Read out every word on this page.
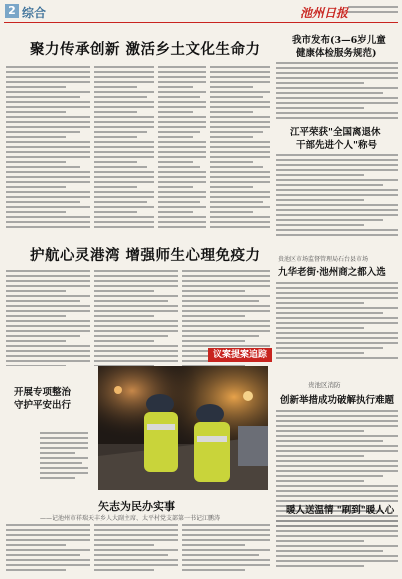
2 综合	池州日报
聚力传承创新 激活乡土文化生命力
我市发布(3—6岁儿童
健康体检服务规范)
江平荣获"全国离退休
干部先进个人"称号
护航心灵港湾 增强师生心理免疫力	贵池区市场监督管理局石台县市场
九华老街·池州商之都入选
议案提案追踪
开展专项整治
守护平安出行
贵池区消防
创新举措成功破解执行难题
暖人送温情 "刷到"暖人心
矢志为民办实事
——记池州市祥瑞天丰乡人大副主席、太平村党支部第一书记江鹏涛
